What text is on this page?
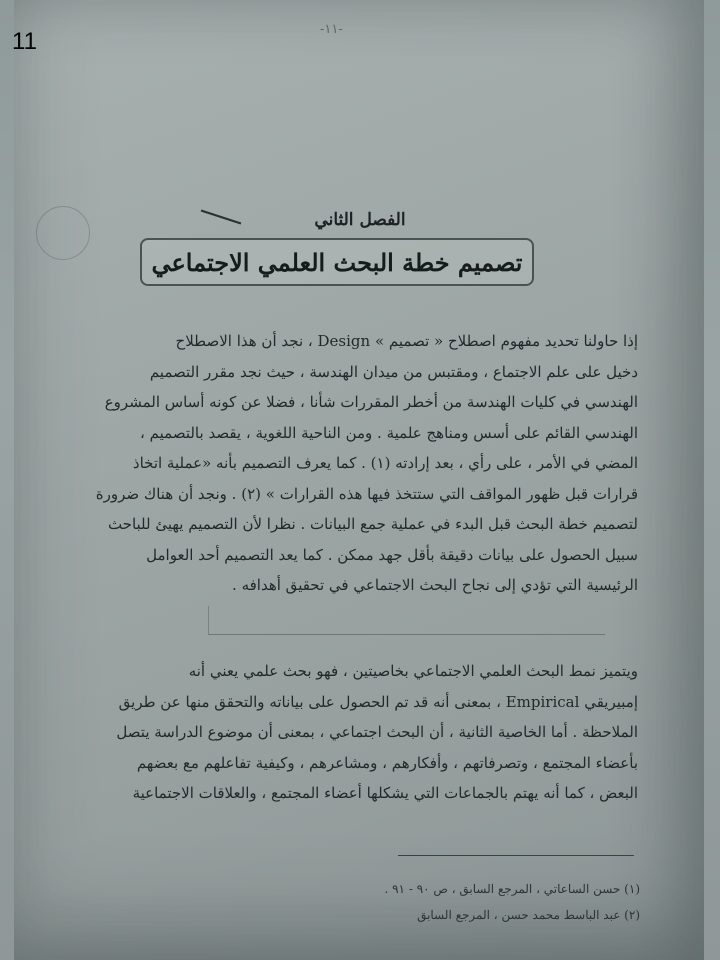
11	-١١-
الفصل الثاني
تصميم خطة البحث العلمي الاجتماعي
إذا حاولنا تحديد مفهوم اصطلاح « تصميم » Design ، نجد أن هذا الاصطلاح
دخيل على علم الاجتماع ، ومقتبس من ميدان الهندسة ، حيث نجد مقرر التصميم
الهندسي في كليات الهندسة من أخطر المقررات شأنا ، فضلا عن كونه أساس المشروع
الهندسي القائم على أسس ومناهج علمية . ومن الناحية اللغوية ، يقصد بالتصميم ،
المضي في الأمر ، على رأي ، بعد إرادته (١) . كما يعرف التصميم بأنه «عملية اتخاذ
قرارات قبل ظهور المواقف التي ستتخذ فيها هذه القرارات » (٢) . ونجد أن هناك ضرورة
لتصميم خطة البحث قبل البدء في عملية جمع البيانات . نظرا لأن التصميم يهيئ للباحث
سبيل الحصول على بيانات دقيقة بأقل جهد ممكن . كما يعد التصميم أحد العوامل
الرئيسية التي تؤدي إلى نجاح البحث الاجتماعي في تحقيق أهدافه .
ويتميز نمط البحث العلمي الاجتماعي بخاصيتين ، فهو بحث علمي يعني أنه
إمبيريقي Empirical ، بمعنى أنه قد تم الحصول على بياناته والتحقق منها عن طريق
الملاحظة . أما الخاصية الثانية ، أن البحث اجتماعي ، بمعنى أن موضوع الدراسة يتصل
بأعضاء المجتمع ، وتصرفاتهم ، وأفكارهم ، ومشاعرهم ، وكيفية تفاعلهم مع بعضهم
البعض ، كما أنه يهتم بالجماعات التي يشكلها أعضاء المجتمع ، والعلاقات الاجتماعية
(١) حسن الساعاتي ، المرجع السابق ، ص ٩٠ - ٩١ .
(٢) عبد الباسط محمد حسن ، المرجع السابق
